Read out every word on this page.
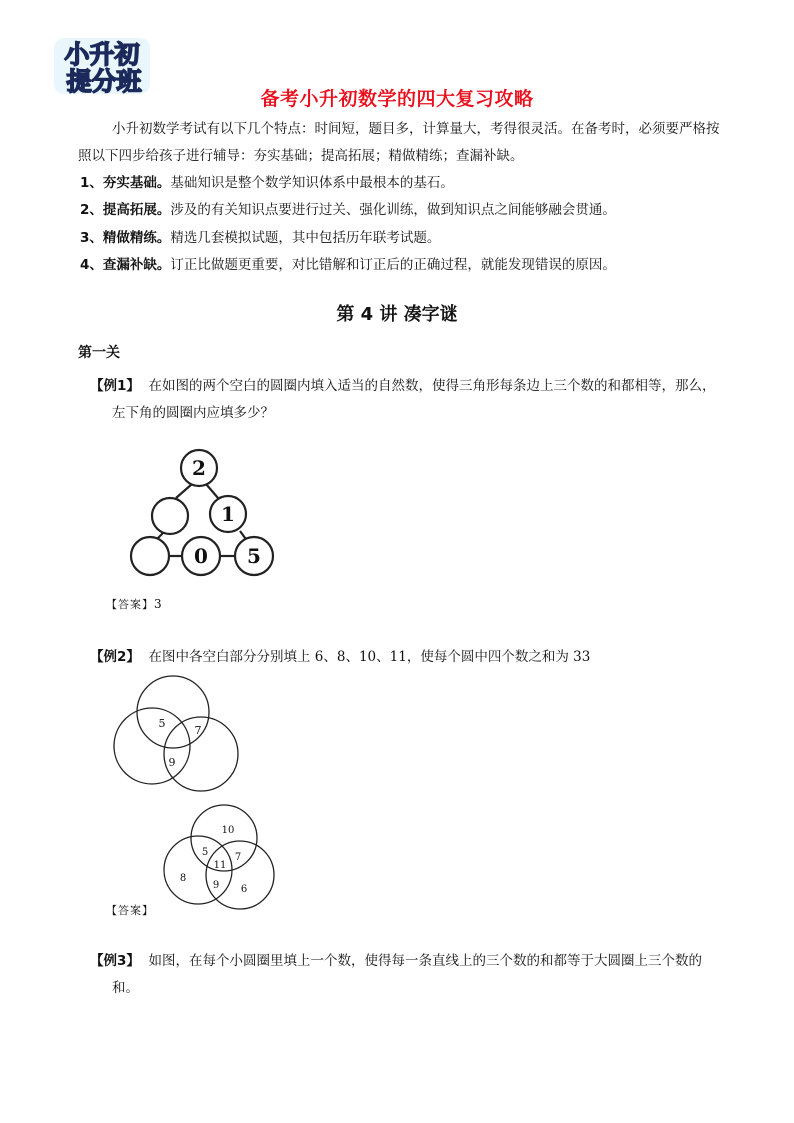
小升初
提分班
备考小升初数学的四大复习攻略
小升初数学考试有以下几个特点：时间短，题目多，计算量大，考得很灵活。在备考时，必须要严格按照以下四步给孩子进行辅导：夯实基础；提高拓展；精做精练；查漏补缺。
1、夯实基础。基础知识是整个数学知识体系中最根本的基石。
2、提高拓展。涉及的有关知识点要进行过关、强化训练，做到知识点之间能够融会贯通。
3、精做精练。精选几套模拟试题，其中包括历年联考试题。
4、查漏补缺。订正比做题更重要，对比错解和订正后的正确过程，就能发现错误的原因。
第 4 讲 凑字谜
第一关
【例1】 在如图的两个空白的圆圈内填入适当的自然数，使得三角形每条边上三个数的和都相等，那么，
左下角的圆圈内应填多少？
2
1
0 5
【答案】3
【例2】 在图中各空白部分分别填上 6、8、10、11，使每个圆中四个数之和为 33
5
7
9
10
5	7
11
8
9 6
【答案】
【例3】 如图，在每个小圆圈里填上一个数，使得每一条直线上的三个数的和都等于大圆圈上三个数的
和。
